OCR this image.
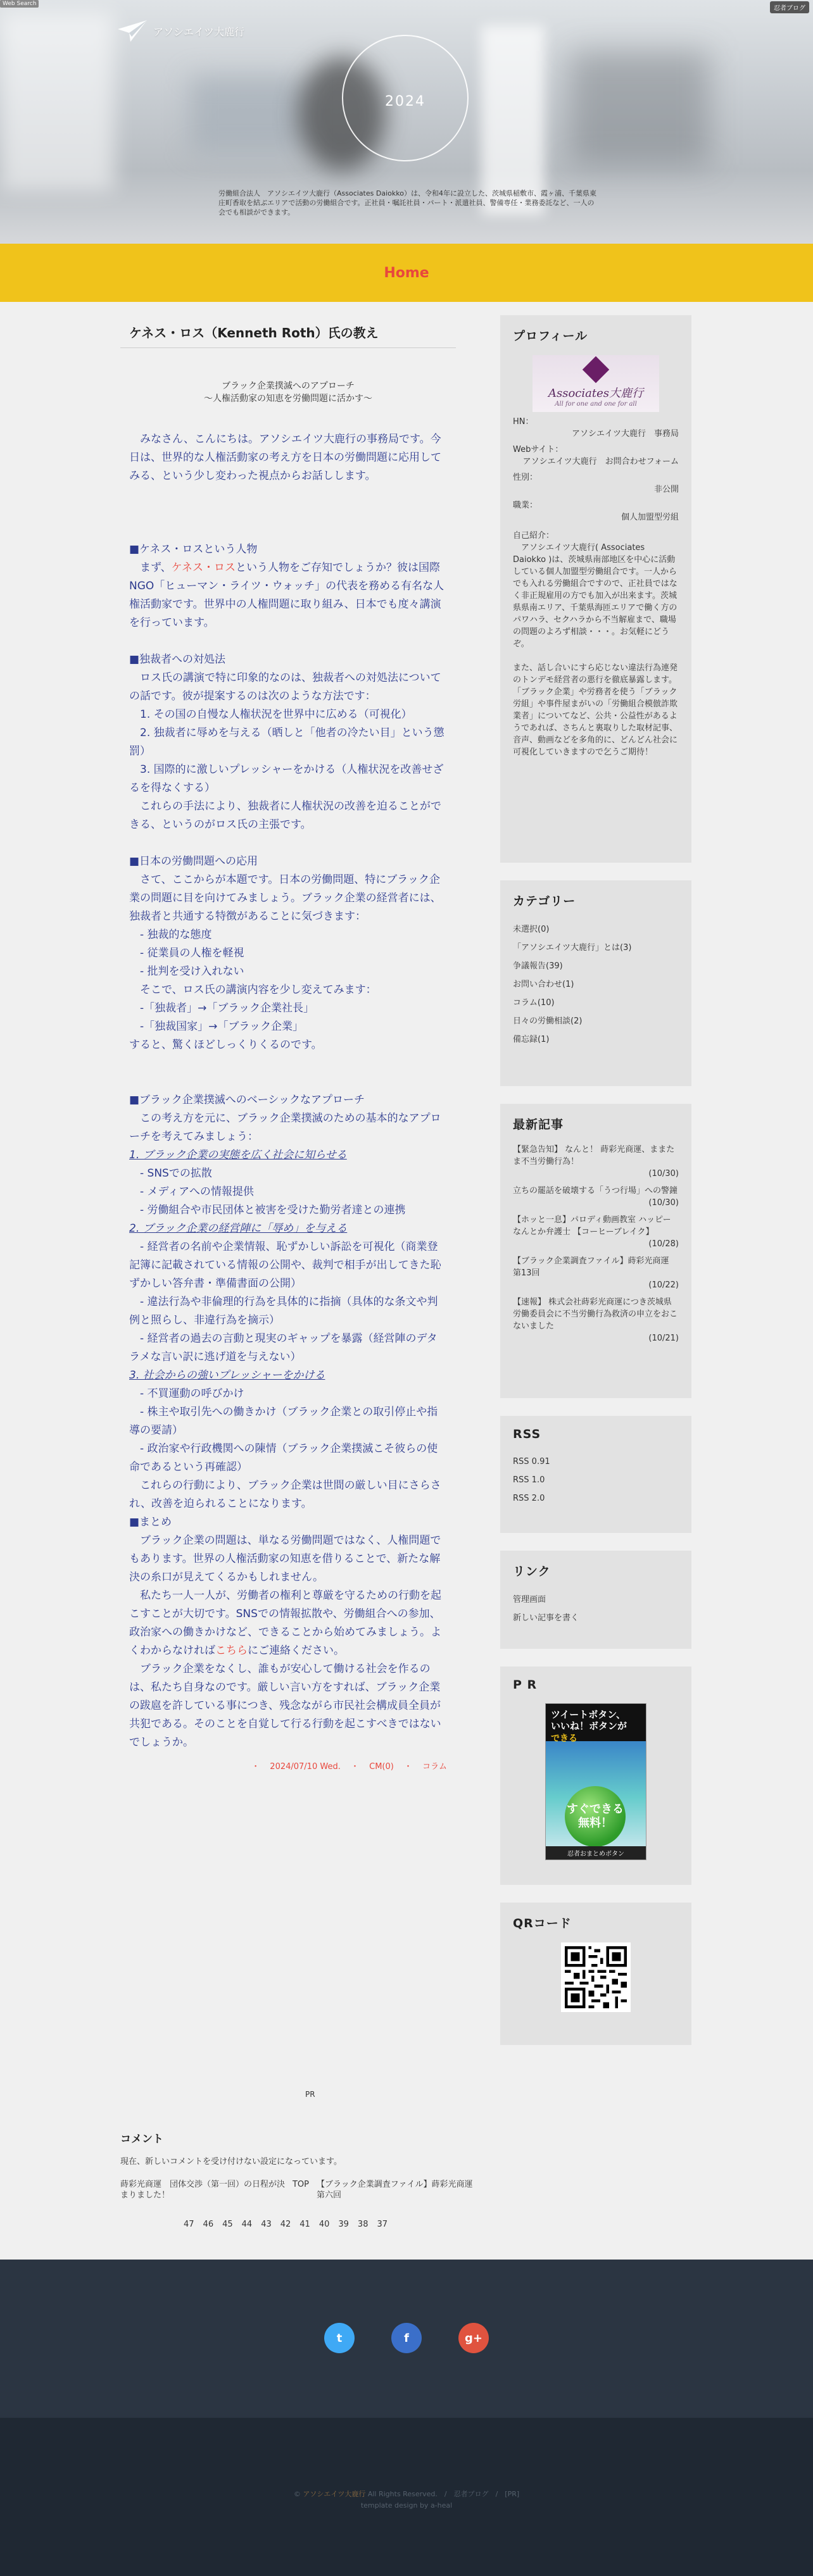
アソシエイツ大鹿行
2024
労働組合法人　アソシエイツ大鹿行（Associates Daiokko）は、令和4年に設立した、茨城県稲敷市、霞ヶ浦、千葉県東庄町香取を結ぶエリアで活動の労働組合です。正社員・嘱託社員・パート・派遣社員、警備専任・業務委託など、一人の会でも相談ができます。
Web Search
忍者ブログ
Home
ケネス・ロス（Kenneth Roth）氏の教え
ブラック企業撲滅へのアプローチ
〜人権活動家の知恵を労働問題に活かす〜

　みなさん、こんにちは。アソシエイツ大鹿行の事務局です。今日は、世界的な人権活動家の考え方を日本の労働問題に応用してみる、という少し変わった視点からお話しします。

■ケネス・ロスという人物

　まず、ケネス・ロスという人物をご存知でしょうか？彼は国際NGO「ヒューマン・ライツ・ウォッチ」の代表を務める有名な人権活動家です。世界中の人権問題に取り組み、日本でも度々講演を行っています。

■独裁者への対処法

　ロス氏の講演で特に印象的なのは、独裁者への対処法についての話です。彼が提案するのは次のような方法です：

　1. その国の自慢な人権状況を世界中に広める（可視化）

　2. 独裁者に辱めを与える（晒しと「他者の冷たい目」という懲罰）

　3. 国際的に激しいプレッシャーをかける（人権状況を改善せざるを得なくする）

　これらの手法により、独裁者に人権状況の改善を迫ることができる、というのがロス氏の主張です。

■日本の労働問題への応用

　さて、ここからが本題です。日本の労働問題、特にブラック企業の問題に目を向けてみましょう。ブラック企業の経営者には、独裁者と共通する特徴があることに気づきます：

　- 独裁的な態度

　- 従業員の人権を軽視

　- 批判を受け入れない

　そこで、ロス氏の講演内容を少し変えてみます：

　-「独裁者」→「ブラック企業社長」

　-「独裁国家」→「ブラック企業」

すると、驚くほどしっくりくるのです。

■ブラック企業撲滅へのベーシックなアプローチ

　この考え方を元に、ブラック企業撲滅のための基本的なアプローチを考えてみましょう：

1. ブラック企業の実態を広く社会に知らせる

　- SNSでの拡散

　- メディアへの情報提供

　- 労働組合や市民団体と被害を受けた勤労者達との連携

2. ブラック企業の経営陣に「辱め」を与える

　- 経営者の名前や企業情報、恥ずかしい訴訟を可視化（商業登記簿に記載されている情報の公開や、裁判で相手が出してきた恥ずかしい答弁書・準備書面の公開）

　- 違法行為や非倫理的行為を具体的に指摘（具体的な条文や判例と照らし、非違行為を摘示）

　- 経営者の過去の言動と現実のギャップを暴露（経営陣のデタラメな言い訳に逃げ道を与えない）

3. 社会からの強いプレッシャーをかける

　- 不買運動の呼びかけ

　- 株主や取引先への働きかけ（ブラック企業との取引停止や指導の要請）

　- 政治家や行政機関への陳情（ブラック企業撲滅こそ彼らの使命であるという再確認）

　これらの行動により、ブラック企業は世間の厳しい目にさらされ、改善を迫られることになります。

■まとめ

　ブラック企業の問題は、単なる労働問題ではなく、人権問題でもあります。世界の人権活動家の知恵を借りることで、新たな解決の糸口が見えてくるかもしれません。

　私たち一人一人が、労働者の権利と尊厳を守るための行動を起こすことが大切です。SNSでの情報拡散や、労働組合への参加、政治家への働きかけなど、できることから始めてみましょう。よくわからなければこちらにご連絡ください。

　ブラック企業をなくし、誰もが安心して働ける社会を作るのは、私たち自身なのです。厳しい言い方をすれば、ブラック企業の跋扈を許している事につき、残念ながら市民社会構成員全員が共犯である。そのことを自覚して行る行動を起こすべきではないでしょうか。

・ 2024/07/10 Wed. ・ CM(0) ・ コラム
プロフィール
Associates大鹿行
All for one and one for all
HN：
アソシエイツ大鹿行　事務局
Webサイト：
アソシエイツ大鹿行　お問合わせフォーム
性別：
非公開
職業：
個人加盟型労組
自己紹介：
　アソシエイツ大鹿行( Associates Daiokko )は、茨城県南部地区を中心に活動している個人加盟型労働組合です。一人からでも入れる労働組合ですので、正社員ではなく非正規雇用の方でも加入が出来ます。茨城県県南エリア、千葉県海匝エリアで働く方のパワハラ、セクハラから不当解雇まで、職場の問題のよろず相談・・・。お気軽にどうぞ。
また、話し合いにすら応じない違法行為連発のトンデモ経営者の悪行を徹底暴露します。「ブラック企業」や労務者を使う「ブラック労組」や事件屋まがいの「労働組合模倣詐欺業者」についてなど、公共・公益性があるようであれば、さちんと裏取りした取材記事、音声、動画などを多角的に、どんどん社会に可視化していきますので乞うご期待！
カテゴリー
未選択(0)
「アソシエイツ大鹿行」とは(3)
争議報告(39)
お問い合わせ(1)
コラム(10)
日々の労働相談(2)
備忘録(1)
最新記事
【緊急告知】 なんと！ 蒔彩光商運、ままたま不当労働行為！
(10/30)
立ちの罷話を破壊する「うつ行場」への警鐘
(10/30)
【ホッと一息】パロディ動画教室 ハッピーなんとか弁護士 【コーヒーブレイク】
(10/28)
【ブラック企業調査ファイル】蒔彩光商運　第13回
(10/22)
【速報】 株式会社蒔彩光商運につき茨城県労働委員会に不当労働行為救済の申立をおこないました
(10/21)
RSS
RSS 0.91
RSS 1.0
RSS 2.0
リンク
管理画面
新しい記事を書く
P R
ツイートボタン、
いいね！ボタンが
できる
すぐできる 無料！
忍者おまとめボタン
QRコード
PR
コメント
現在、新しいコメントを受け付けない設定になっています。
蒔彩光商運　団体交渉（第一回）の日程が決まりました！
TOP 【ブラック企業調査ファイル】蒔彩光商運　第六回
47 46 45 44 43 42 41 40 39 38 37
t	f	g+
© アソシエイツ大鹿行 All Rights Reserved.　/　忍者ブログ　/　[PR]
template design by a-heal
